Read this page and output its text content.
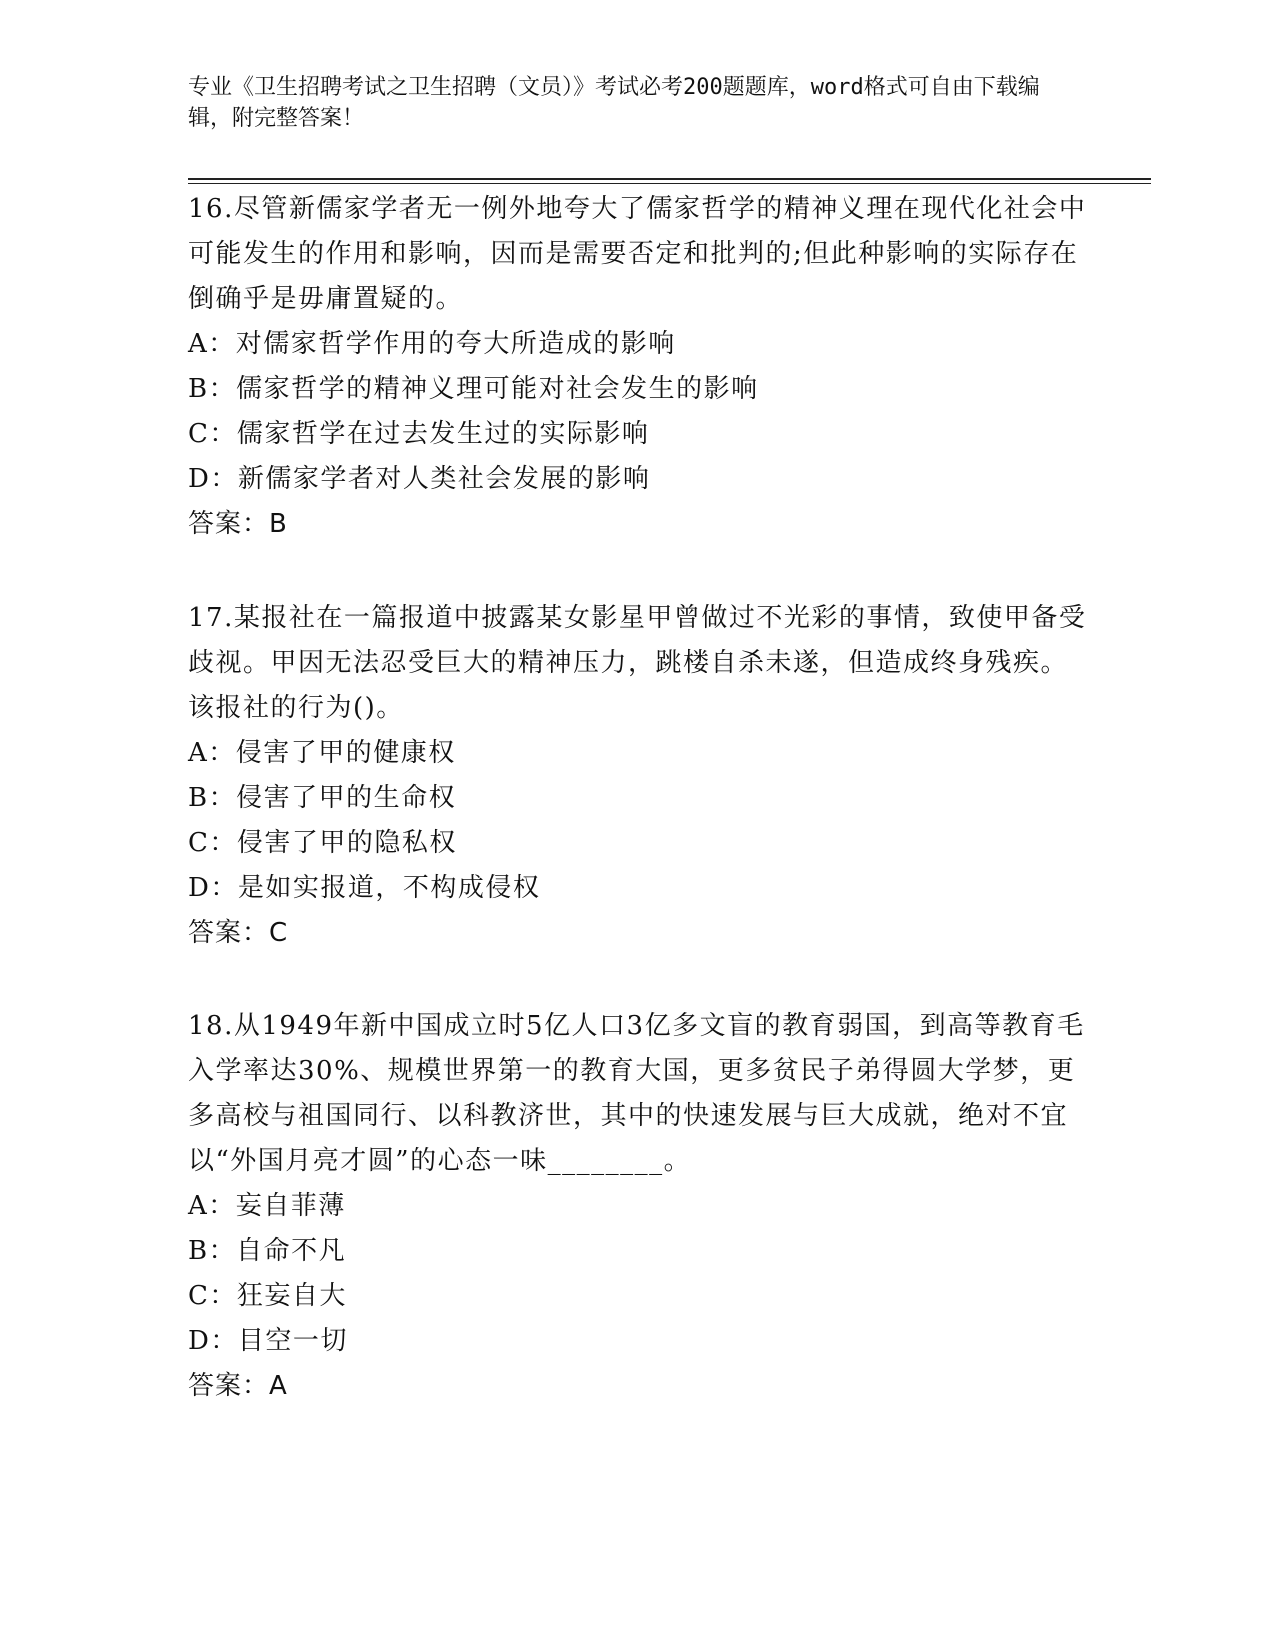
专业《卫生招聘考试之卫生招聘（文员）》考试必考200题题库，word格式可自由下载编辑，附完整答案！
16.尽管新儒家学者无一例外地夸大了儒家哲学的精神义理在现代化社会中可能发生的作用和影响，因而是需要否定和批判的;但此种影响的实际存在倒确乎是毋庸置疑的。
A：对儒家哲学作用的夸大所造成的影响
B：儒家哲学的精神义理可能对社会发生的影响
C：儒家哲学在过去发生过的实际影响
D：新儒家学者对人类社会发展的影响
答案：B
17.某报社在一篇报道中披露某女影星甲曾做过不光彩的事情，致使甲备受歧视。甲因无法忍受巨大的精神压力，跳楼自杀未遂，但造成终身残疾。该报社的行为()。
A：侵害了甲的健康权
B：侵害了甲的生命权
C：侵害了甲的隐私权
D：是如实报道，不构成侵权
答案：C
18.从1949年新中国成立时5亿人口3亿多文盲的教育弱国，到高等教育毛入学率达30%、规模世界第一的教育大国，更多贫民子弟得圆大学梦，更多高校与祖国同行、以科教济世，其中的快速发展与巨大成就，绝对不宜以“外国月亮才圆”的心态一味________。
A：妄自菲薄
B：自命不凡
C：狂妄自大
D：目空一切
答案：A
